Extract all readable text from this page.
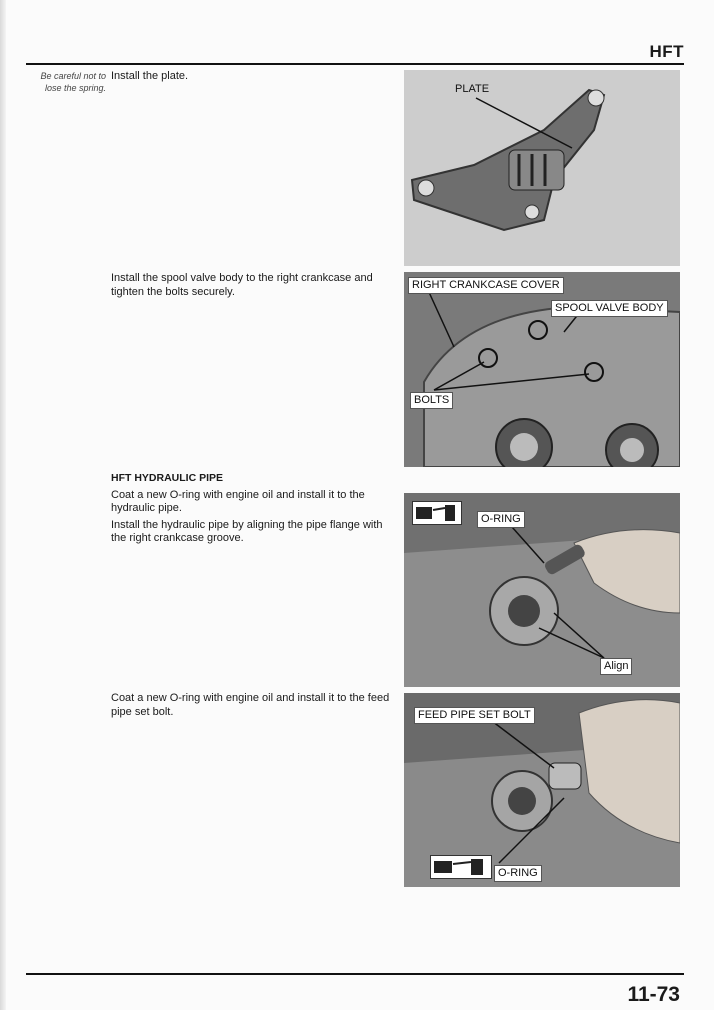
HFT
Be careful not to lose the spring.

Install the plate.

Install the spool valve body to the right crankcase and tighten the bolts securely.

HFT HYDRAULIC PIPE

Coat a new O-ring with engine oil and install it to the hydraulic pipe.

Install the hydraulic pipe by aligning the pipe flange with the right crankcase groove.

Coat a new O-ring with engine oil and install it to the feed pipe set bolt.

PLATE
RIGHT CRANKCASE COVER
SPOOL VALVE BODY
BOLTS
O-RING
Align
FEED PIPE SET BOLT
O-RING
11-73
